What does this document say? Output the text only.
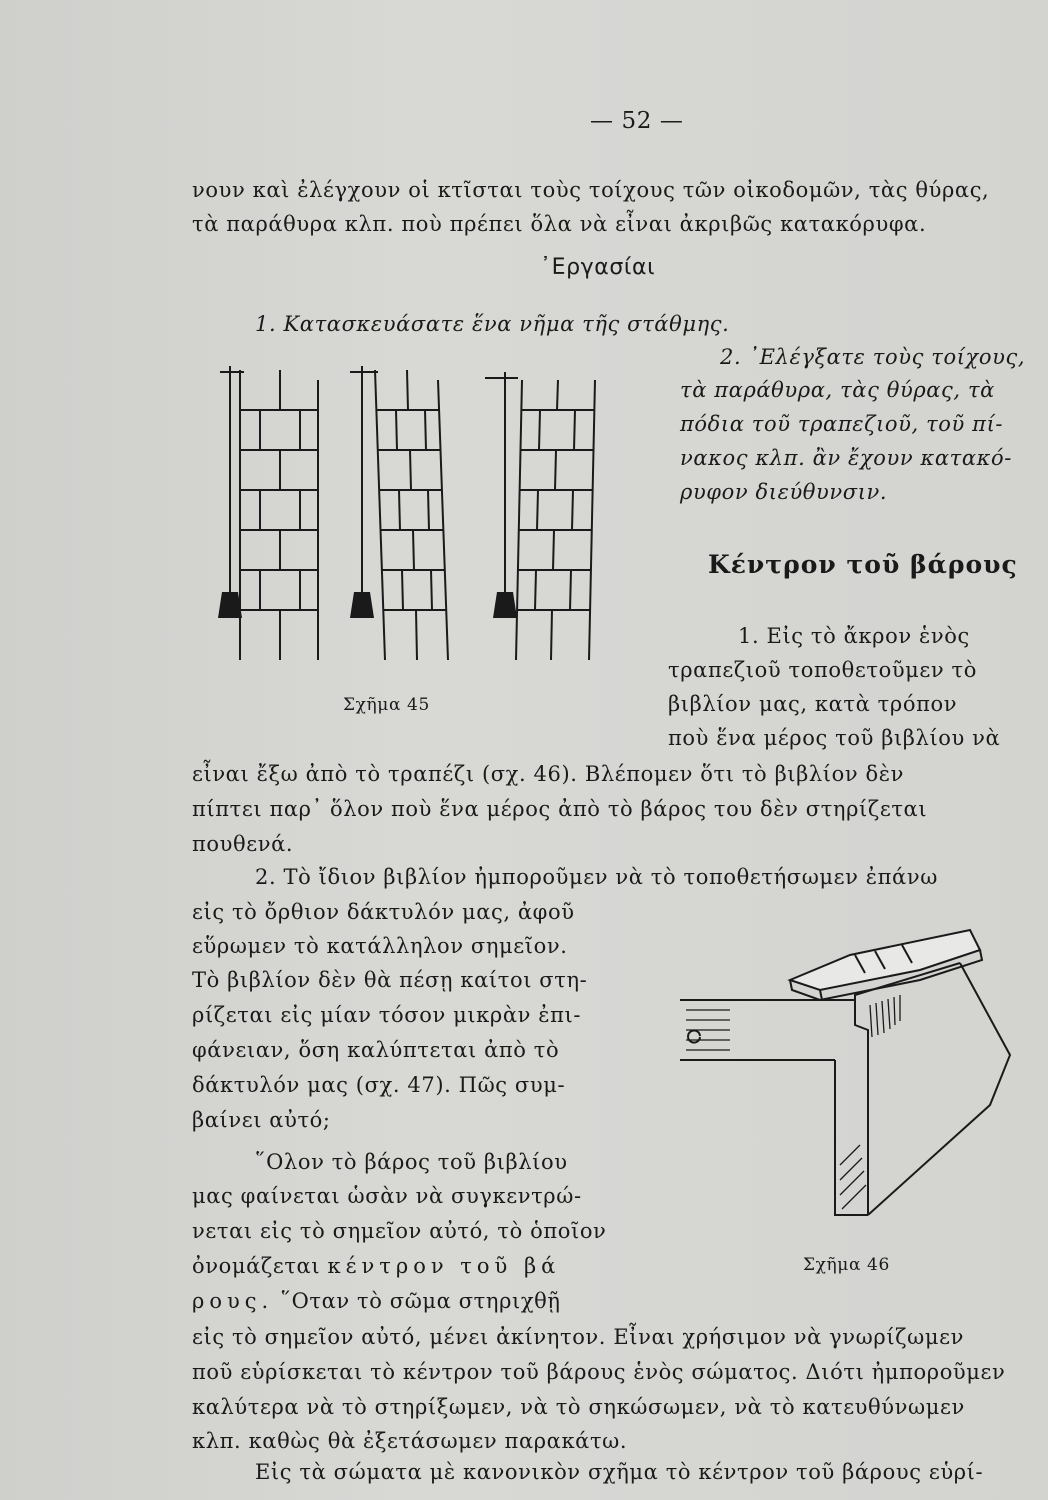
— 52 —
νουν καὶ ἐλέγχουν οἱ κτῖσται τοὺς τοίχους τῶν οἰκοδομῶν, τὰς θύρας,
τὰ παράθυρα κλπ. ποὺ πρέπει ὅλα νὰ εἶναι ἀκριβῶς κατακόρυφα.
᾿Εργασίαι
1. Κατασκευάσατε ἕνα νῆμα τῆς στάθμης.
2. ᾿Ελέγξατε τοὺς τοίχους,
τὰ παράθυρα, τὰς θύρας, τὰ
πόδια τοῦ τραπεζιοῦ, τοῦ πί-
νακος κλπ. ἂν ἔχουν κατακό-
ρυφον διεύθυνσιν.
Σχῆμα 45
Κέντρον τοῦ βάρους
1. Εἰς τὸ ἄκρον ἑνὸς
τραπεζιοῦ τοποθετοῦμεν τὸ
βιβλίον μας, κατὰ τρόπον
ποὺ ἕνα μέρος τοῦ βιβλίου νὰ
εἶναι ἔξω ἀπὸ τὸ τραπέζι (σχ. 46). Βλέπομεν ὅτι τὸ βιβλίον δὲν
πίπτει παρ᾿ ὅλον ποὺ ἕνα μέρος ἀπὸ τὸ βάρος του δὲν στηρίζεται
πουθενά.
2. Τὸ ἴδιον βιβλίον ἠμποροῦμεν νὰ τὸ τοποθετήσωμεν ἐπάνω
εἰς τὸ ὄρθιον δάκτυλόν μας, ἀφοῦ
εὕρωμεν τὸ κατάλληλον σημεῖον.
Τὸ βιβλίον δὲν θὰ πέσῃ καίτοι στη-
ρίζεται εἰς μίαν τόσον μικρὰν ἐπι-
φάνειαν, ὅση καλύπτεται ἀπὸ τὸ
δάκτυλόν μας (σχ. 47). Πῶς συμ-
βαίνει αὐτό;
῞Ολον τὸ βάρος τοῦ βιβλίου
μας φαίνεται ὡσὰν νὰ συγκεντρώ-
νεται εἰς τὸ σημεῖον αὐτό, τὸ ὁποῖον
ὀνομάζεται κέντρον τοῦ βά
ρους. ῞Οταν τὸ σῶμα στηριχθῇ
Σχῆμα 46
εἰς τὸ σημεῖον αὐτό, μένει ἀκίνητον. Εἶναι χρήσιμον νὰ γνωρίζωμεν
ποῦ εὑρίσκεται τὸ κέντρον τοῦ βάρους ἑνὸς σώματος. Διότι ἠμποροῦμεν
καλύτερα νὰ τὸ στηρίξωμεν, νὰ τὸ σηκώσωμεν, νὰ τὸ κατευθύνωμεν
κλπ. καθὼς θὰ ἐξετάσωμεν παρακάτω.
Εἰς τὰ σώματα μὲ κανονικὸν σχῆμα τὸ κέντρον τοῦ βάρους εὑρί-
